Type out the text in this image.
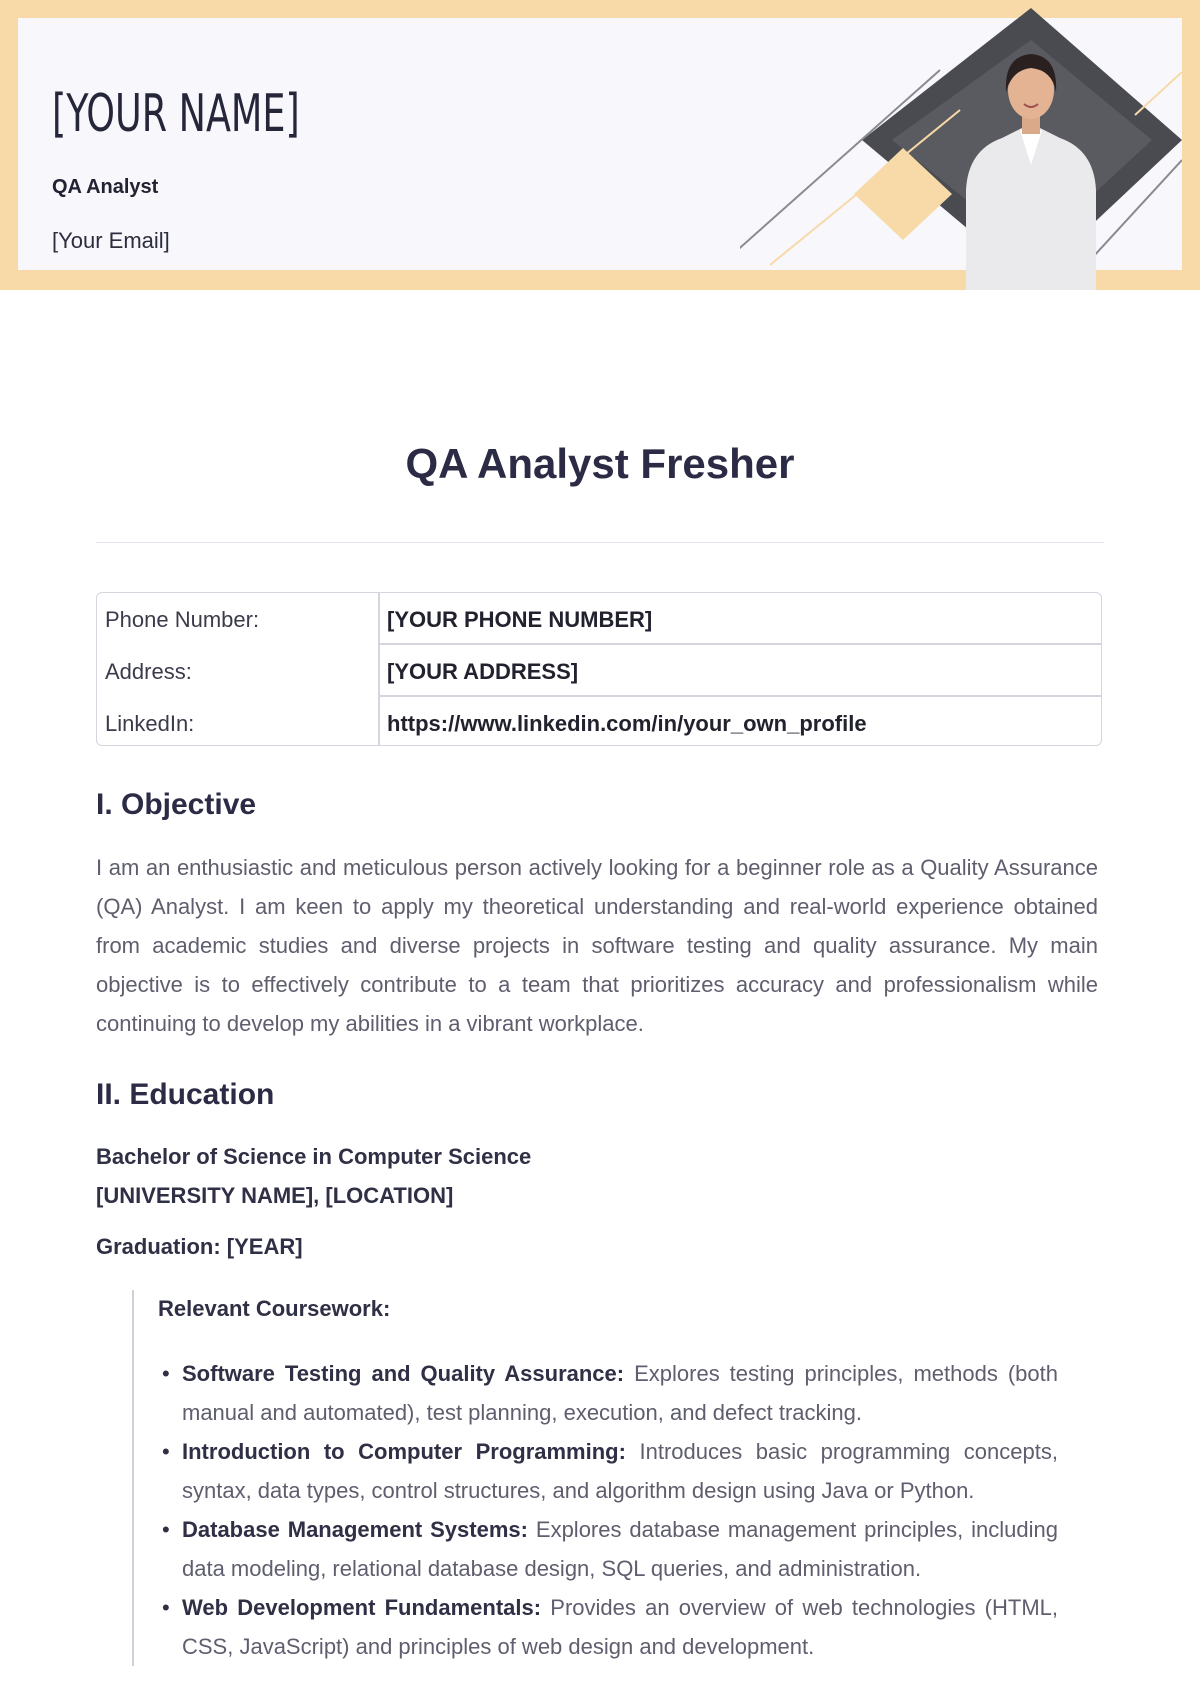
[YOUR NAME]
QA Analyst
[Your Email]
QA Analyst Fresher
Phone Number:	[YOUR PHONE NUMBER]
Address:	[YOUR ADDRESS]
LinkedIn:	https://www.linkedin.com/in/your_own_profile
I. Objective
I am an enthusiastic and meticulous person actively looking for a beginner role as a Quality Assurance (QA) Analyst. I am keen to apply my theoretical understanding and real-world experience obtained from academic studies and diverse projects in software testing and quality assurance. My main objective is to effectively contribute to a team that prioritizes accuracy and professionalism while continuing to develop my abilities in a vibrant workplace.
II. Education
Bachelor of Science in Computer Science
[UNIVERSITY NAME], [LOCATION]
Graduation: [YEAR]
Relevant Coursework:
• Software Testing and Quality Assurance: Explores testing principles, methods (both manual and automated), test planning, execution, and defect tracking.
• Introduction to Computer Programming: Introduces basic programming concepts, syntax, data types, control structures, and algorithm design using Java or Python.
• Database Management Systems: Explores database management principles, including data modeling, relational database design, SQL queries, and administration.
• Web Development Fundamentals: Provides an overview of web technologies (HTML, CSS, JavaScript) and principles of web design and development.
